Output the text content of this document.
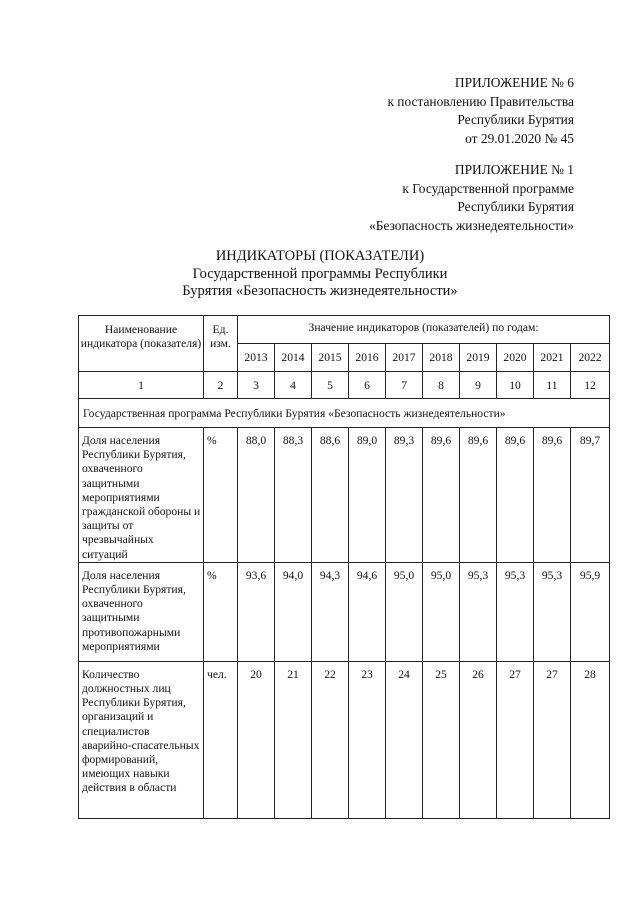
ПРИЛОЖЕНИЕ № 6
к постановлению Правительства
Республики Бурятия
от 29.01.2020 № 45
ПРИЛОЖЕНИЕ № 1
к Государственной программе
Республики Бурятия
«Безопасность жизнедеятельности»
ИНДИКАТОРЫ (ПОКАЗАТЕЛИ)
Государственной программы Республики
Бурятия «Безопасность жизнедеятельности»
Наименование индикатора (показателя)	Ед. изм.	Значение индикаторов (показателей) по годам:									
		2013	2014	2015	2016	2017	2018	2019	2020	2021	2022
1	2	3	4	5	6	7	8	9	10	11	12
Государственная программа Республики Бурятия «Безопасность жизнедеятельности»											
Доля населения Республики Бурятия, охваченного защитными мероприятиями гражданской обороны и защиты от чрезвычайных ситуаций	%	88,0	88,3	88,6	89,0	89,3	89,6	89,6	89,6	89,6	89,7
Доля населения Республики Бурятия, охваченного защитными противопожарными мероприятиями	%	93,6	94,0	94,3	94,6	95,0	95,0	95,3	95,3	95,3	95,9
Количество должностных лиц Республики Бурятия, организаций и специалистов аварийно-спасательных формирований, имеющих навыки действия в области	чел.	20	21	22	23	24	25	26	27	27	28
